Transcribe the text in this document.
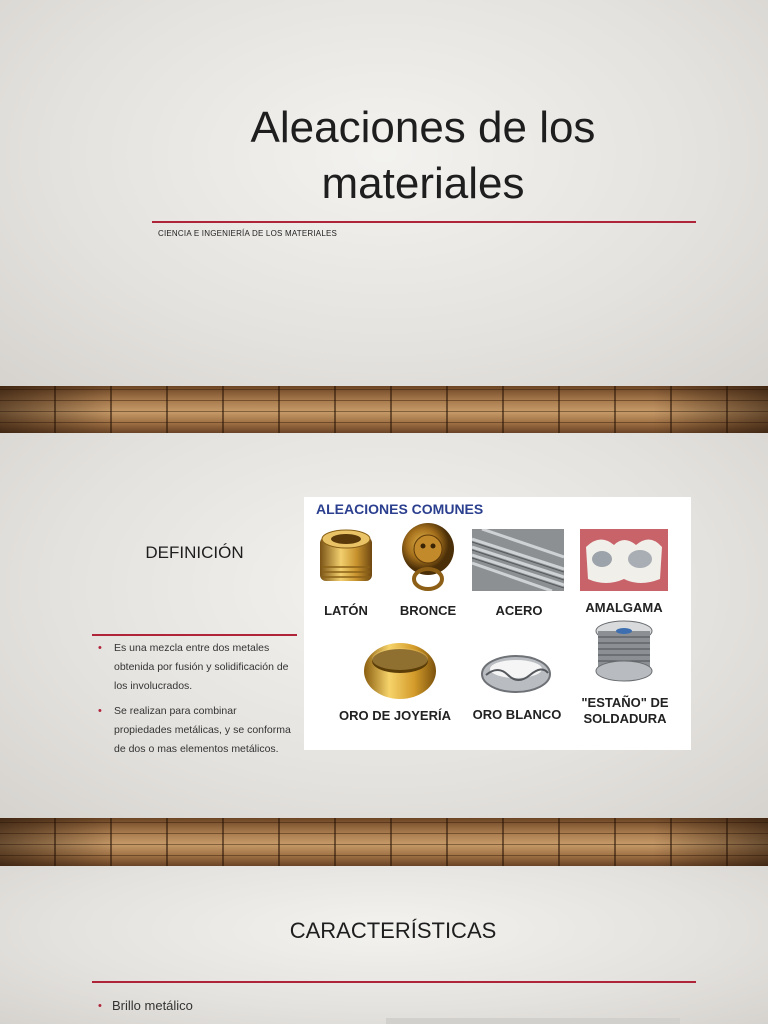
Aleaciones de los
materiales
CIENCIA E INGENIERÍA DE LOS MATERIALES
DEFINICIÓN
• Es una mezcla entre dos metales obtenida por fusión y solidificación de los involucrados.
• Se realizan para combinar propiedades metálicas, y se conforma de dos o mas elementos metálicos.
ALEACIONES COMUNES
LATÓN	BRONCE	ACERO	AMALGAMA
ORO DE JOYERÍA	ORO BLANCO
"ESTAÑO" DE
SOLDADURA
CARACTERÍSTICAS
• Brillo metálico
